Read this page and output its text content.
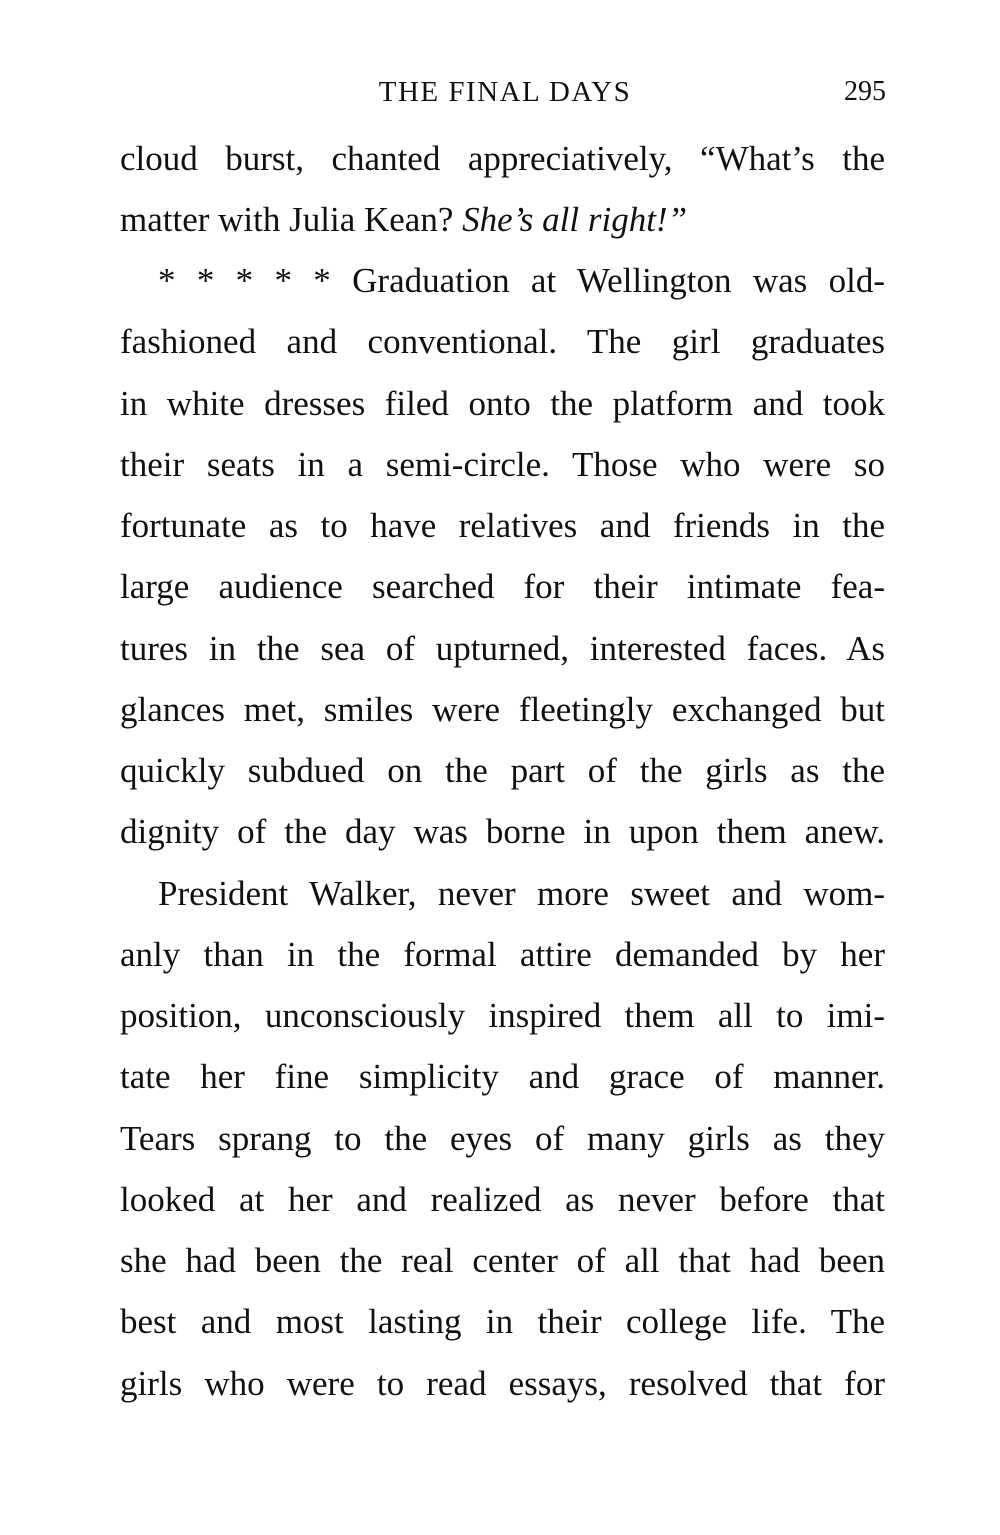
THE FINAL DAYS	295
cloud burst, chanted appreciatively, “What’s the
matter with Julia Kean? She’s all right!”
* * * * * Graduation at Wellington was old-
fashioned and conventional. The girl graduates
in white dresses filed onto the platform and took
their seats in a semi-circle. Those who were so
fortunate as to have relatives and friends in the
large audience searched for their intimate fea-
tures in the sea of upturned, interested faces. As
glances met, smiles were fleetingly exchanged but
quickly subdued on the part of the girls as the
dignity of the day was borne in upon them anew.
President Walker, never more sweet and wom-
anly than in the formal attire demanded by her
position, unconsciously inspired them all to imi-
tate her fine simplicity and grace of manner.
Tears sprang to the eyes of many girls as they
looked at her and realized as never before that
she had been the real center of all that had been
best and most lasting in their college life. The
girls who were to read essays, resolved that for
